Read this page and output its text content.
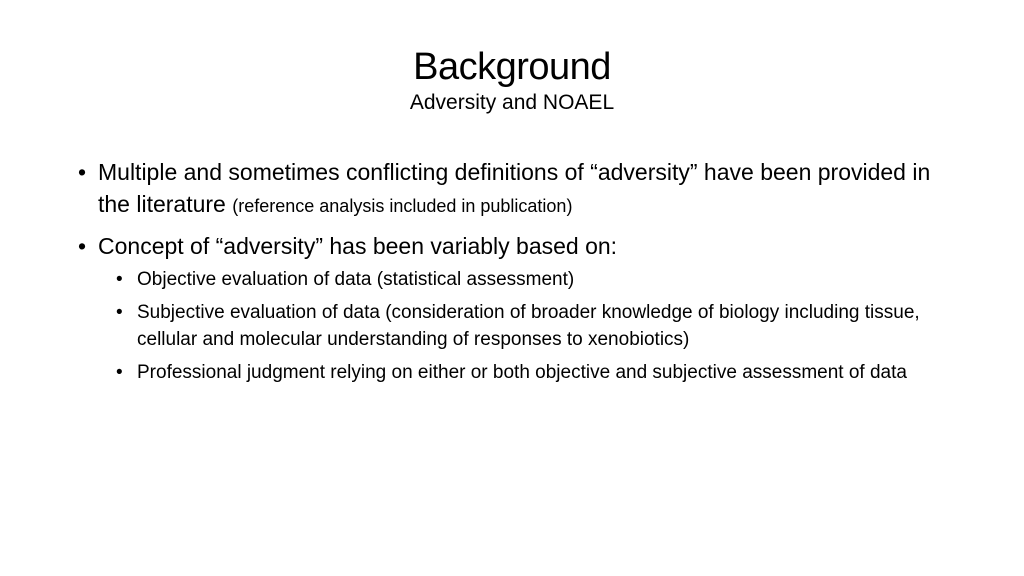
Background
Adversity and NOAEL
• Multiple and sometimes conflicting definitions of “adversity” have been provided in the literature (reference analysis included in publication)
• Concept of “adversity” has been variably based on:
• Objective evaluation of data (statistical assessment)
• Subjective evaluation of data (consideration of broader knowledge of biology including tissue, cellular and molecular understanding of responses to xenobiotics)
• Professional judgment relying on either or both objective and subjective assessment of data
